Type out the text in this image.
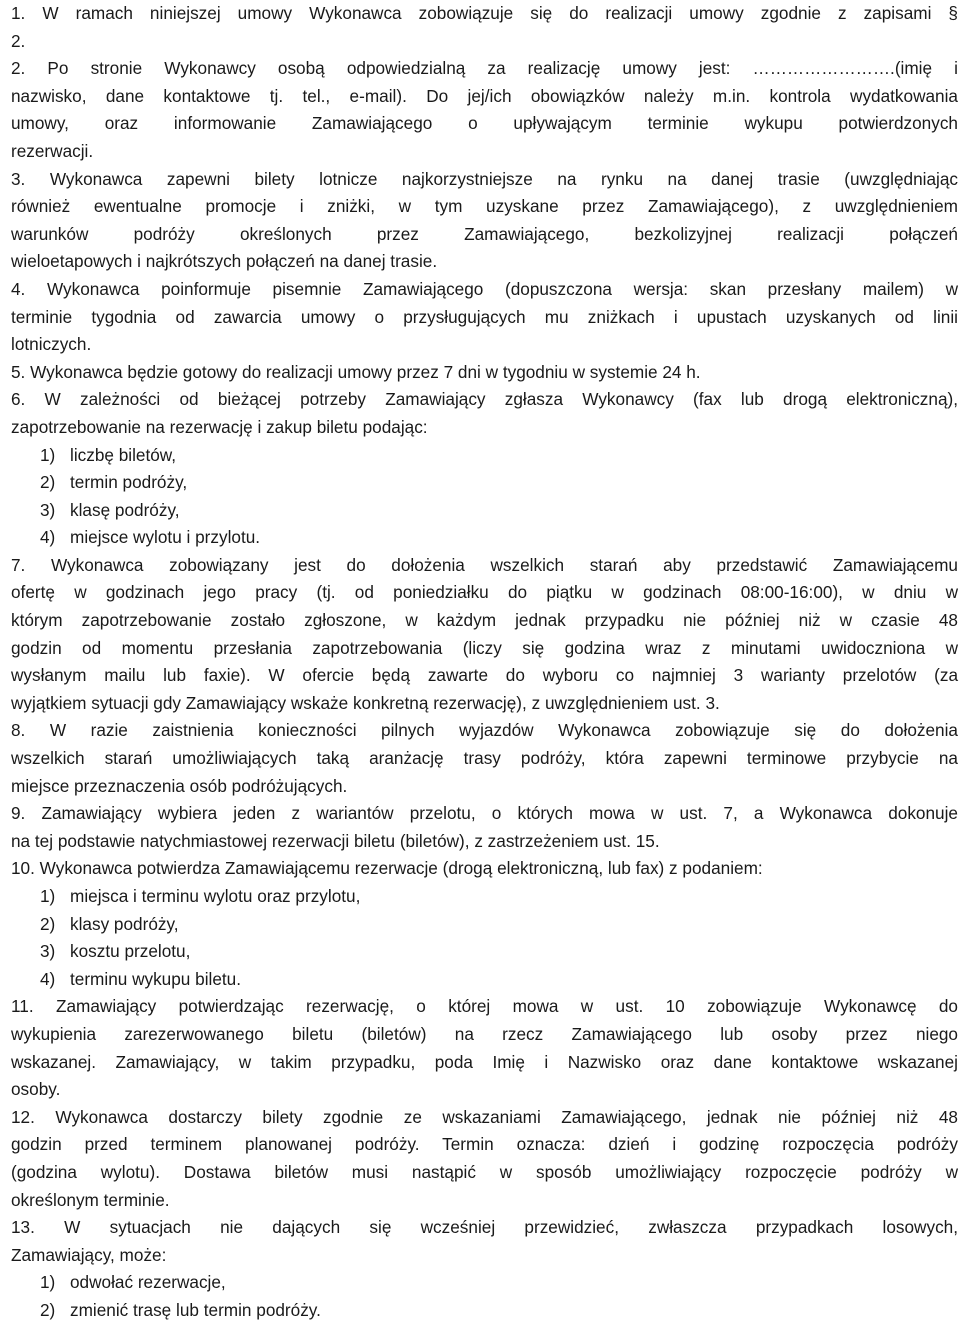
1. W ramach niniejszej umowy Wykonawca zobowiązuje się do realizacji umowy zgodnie z zapisami §
2.
2. Po stronie Wykonawcy osobą odpowiedzialną za realizację umowy jest: …………………….(imię i
nazwisko, dane kontaktowe tj. tel., e-mail). Do jej/ich obowiązków należy m.in. kontrola wydatkowania
umowy, oraz informowanie Zamawiającego o upływającym terminie wykupu potwierdzonych
rezerwacji.
3. Wykonawca zapewni bilety lotnicze najkorzystniejsze na rynku na danej trasie (uwzględniając
również ewentualne promocje i zniżki, w tym uzyskane przez Zamawiającego), z uwzględnieniem
warunków podróży określonych przez Zamawiającego, bezkolizyjnej realizacji połączeń
wieloetapowych i najkrótszych połączeń na danej trasie.
4. Wykonawca poinformuje pisemnie Zamawiającego (dopuszczona wersja: skan przesłany mailem) w
terminie tygodnia od zawarcia umowy o przysługujących mu zniżkach i upustach uzyskanych od linii
lotniczych.
5. Wykonawca będzie gotowy do realizacji umowy przez 7 dni w tygodniu w systemie 24 h.
6. W zależności od bieżącej potrzeby Zamawiający zgłasza Wykonawcy (fax lub drogą elektroniczną),
zapotrzebowanie na rezerwację i zakup biletu podając:
1) liczbę biletów,
2) termin podróży,
3) klasę podróży,
4) miejsce wylotu i przylotu.
7. Wykonawca zobowiązany jest do dołożenia wszelkich starań aby przedstawić Zamawiającemu
ofertę w godzinach jego pracy (tj. od poniedziałku do piątku w godzinach 08:00-16:00), w dniu w
którym zapotrzebowanie zostało zgłoszone, w każdym jednak przypadku nie później niż w czasie 48
godzin od momentu przesłania zapotrzebowania (liczy się godzina wraz z minutami uwidoczniona w
wysłanym mailu lub faxie). W ofercie będą zawarte do wyboru co najmniej 3 warianty przelotów (za
wyjątkiem sytuacji gdy Zamawiający wskaże konkretną rezerwację), z uwzględnieniem ust. 3.
8. W razie zaistnienia konieczności pilnych wyjazdów Wykonawca zobowiązuje się do dołożenia
wszelkich starań umożliwiających taką aranżację trasy podróży, która zapewni terminowe przybycie na
miejsce przeznaczenia osób podróżujących.
9. Zamawiający wybiera jeden z wariantów przelotu, o których mowa w ust. 7, a Wykonawca dokonuje
na tej podstawie natychmiastowej rezerwacji biletu (biletów), z zastrzeżeniem ust. 15.
10. Wykonawca potwierdza Zamawiającemu rezerwacje (drogą elektroniczną, lub fax) z podaniem:
1) miejsca i terminu wylotu oraz przylotu,
2) klasy podróży,
3) kosztu przelotu,
4) terminu wykupu biletu.
11. Zamawiający potwierdzając rezerwację, o której mowa w ust. 10 zobowiązuje Wykonawcę do
wykupienia zarezerwowanego biletu (biletów) na rzecz Zamawiającego lub osoby przez niego
wskazanej. Zamawiający, w takim przypadku, poda Imię i Nazwisko oraz dane kontaktowe wskazanej
osoby.
12. Wykonawca dostarczy bilety zgodnie ze wskazaniami Zamawiającego, jednak nie później niż 48
godzin przed terminem planowanej podróży. Termin oznacza: dzień i godzinę rozpoczęcia podróży
(godzina wylotu). Dostawa biletów musi nastąpić w sposób umożliwiający rozpoczęcie podróży w
określonym terminie.
13. W sytuacjach nie dających się wcześniej przewidzieć, zwłaszcza przypadkach losowych,
Zamawiający, może:
1) odwołać rezerwacje,
2) zmienić trasę lub termin podróży.
